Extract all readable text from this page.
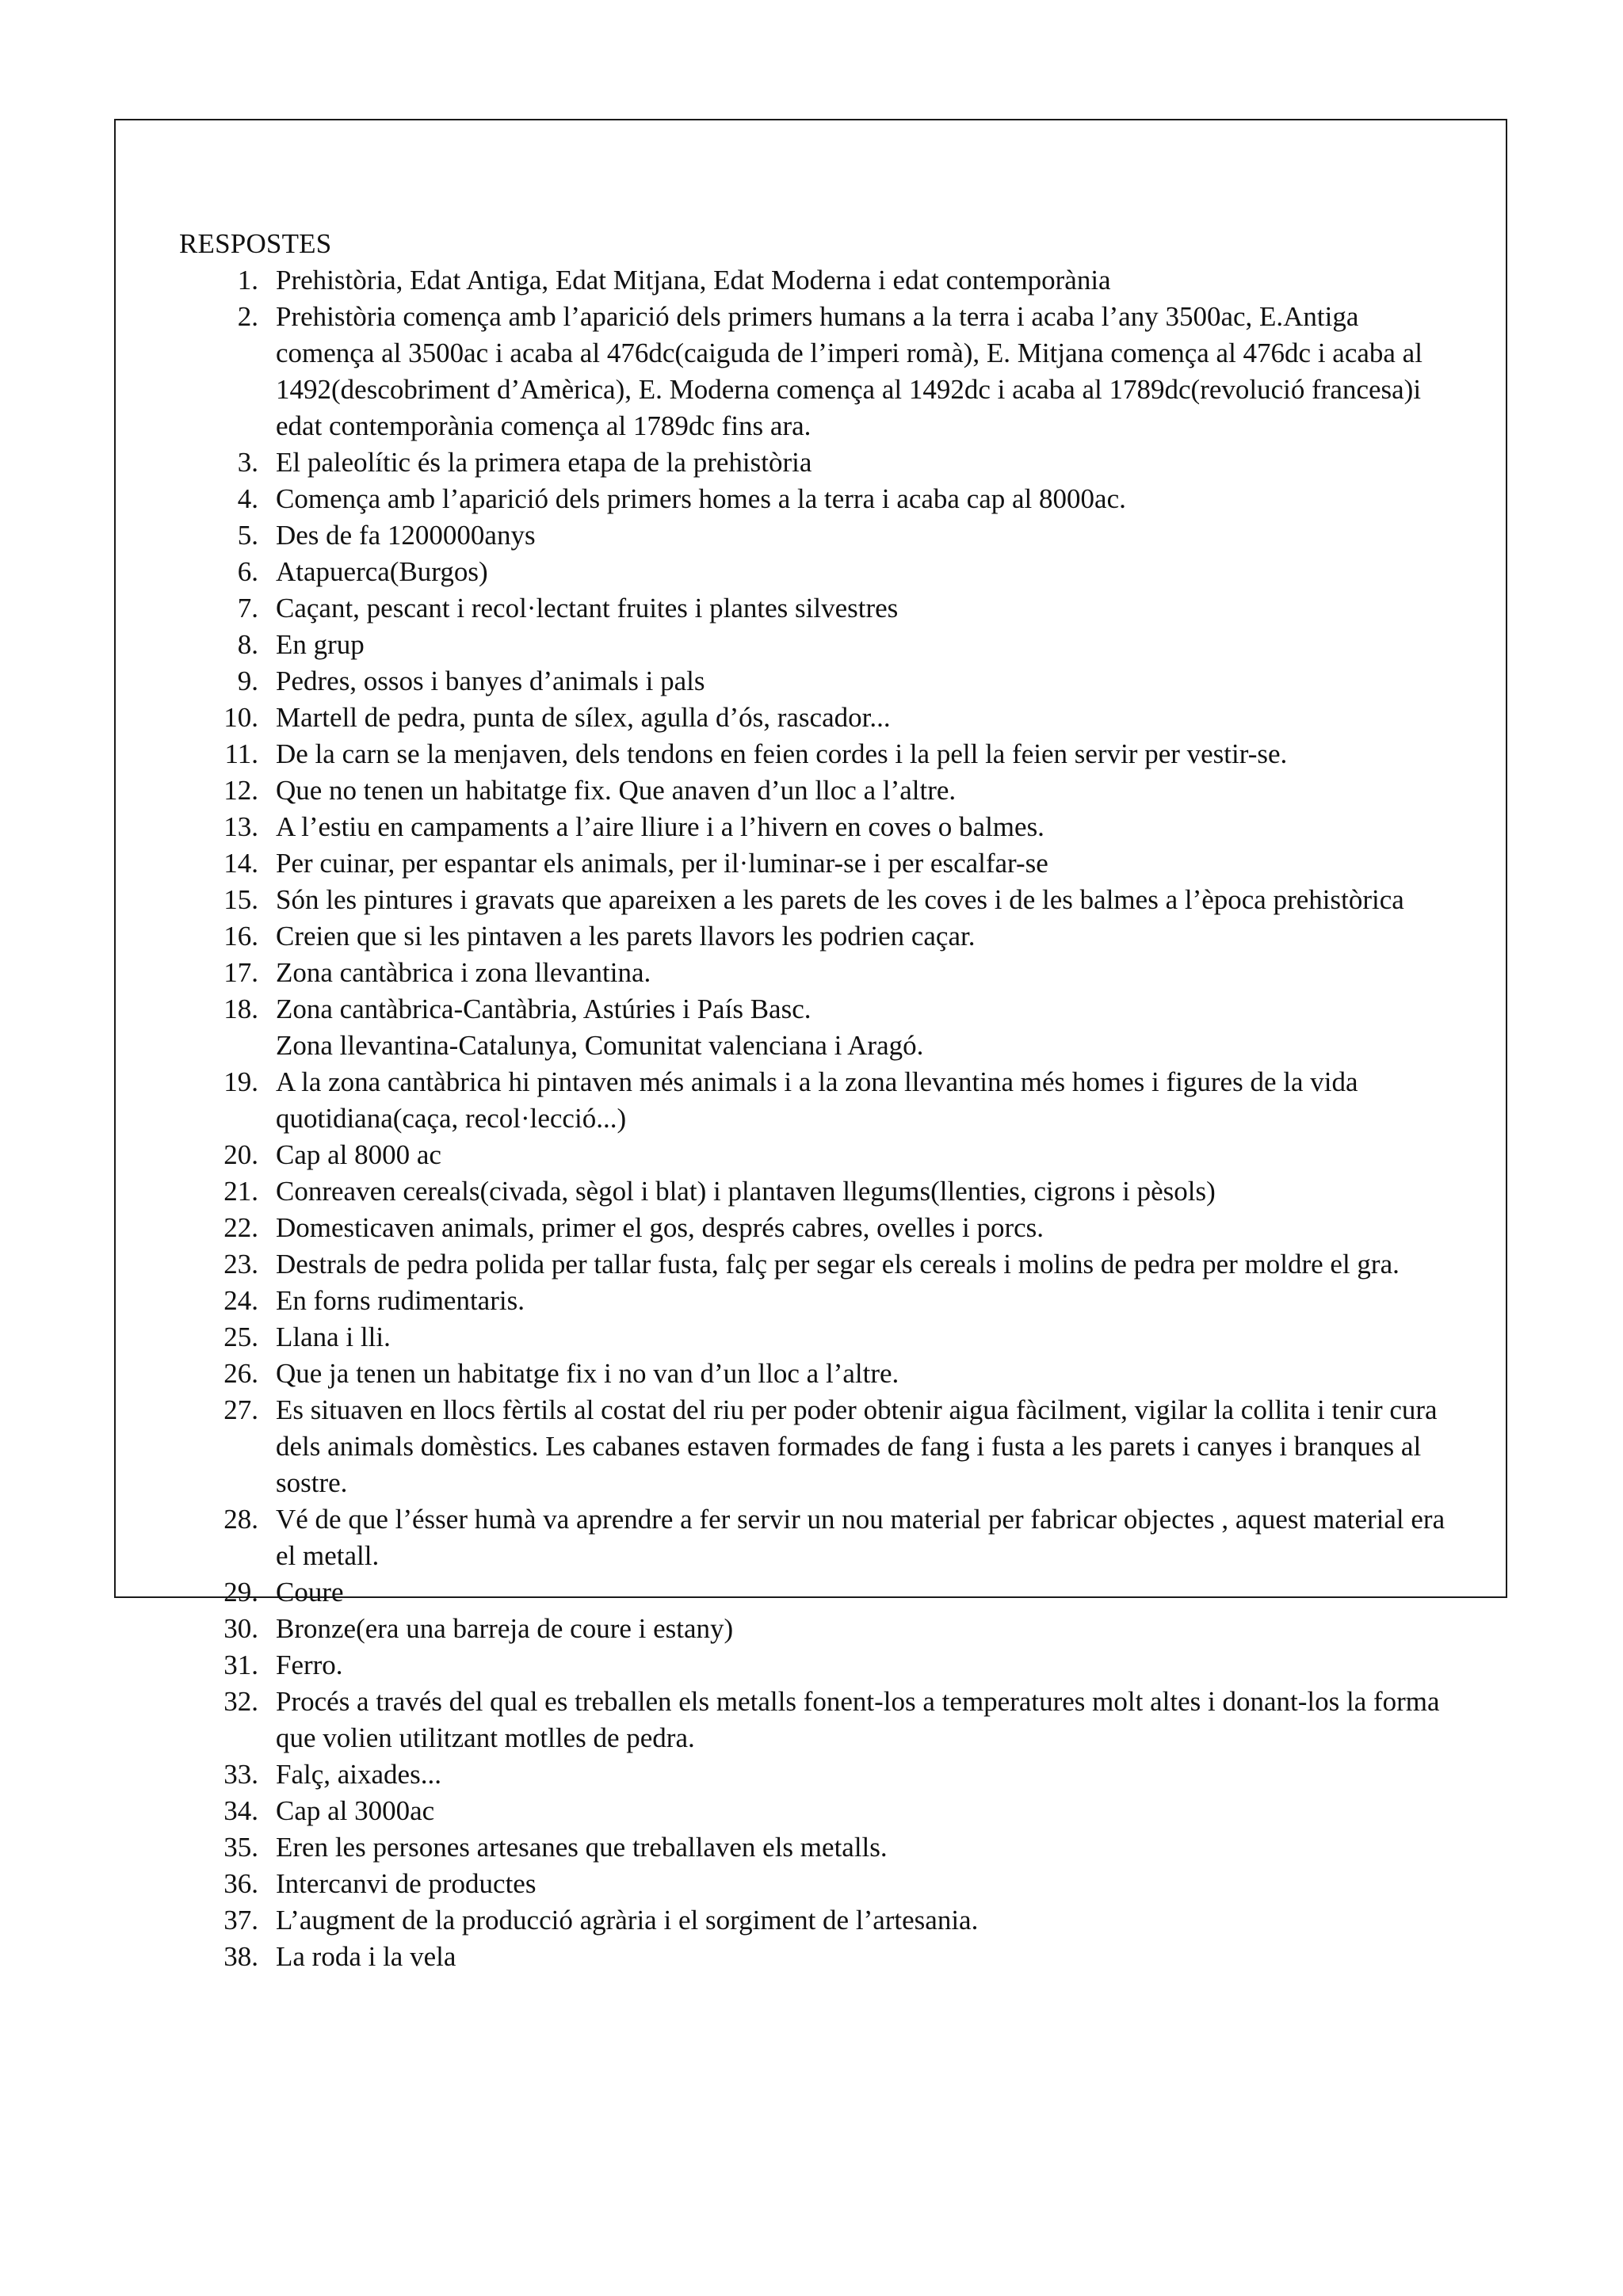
RESPOSTES
1. Prehistòria, Edat Antiga, Edat Mitjana, Edat Moderna i edat contemporània
2. Prehistòria comença amb l’aparició dels primers humans a la terra i acaba l’any 3500ac, E.Antiga comença al 3500ac i acaba al 476dc(caiguda de l’imperi romà), E. Mitjana comença al 476dc i acaba al 1492(descobriment d’Amèrica), E. Moderna comença al 1492dc i acaba al 1789dc(revolució francesa)i edat contemporània comença al 1789dc fins ara.
3. El paleolític és la primera etapa de la prehistòria
4. Comença amb l’aparició dels primers homes a la terra i acaba cap al 8000ac.
5. Des de fa 1200000anys
6. Atapuerca(Burgos)
7. Caçant, pescant i recol·lectant fruites i plantes silvestres
8. En grup
9. Pedres, ossos i banyes d’animals i pals
10. Martell de pedra, punta de sílex, agulla d’ós, rascador...
11. De la carn se la menjaven, dels tendons en feien cordes i la pell la feien servir per vestir-se.
12. Que no tenen un habitatge fix. Que anaven d’un lloc a l’altre.
13. A l’estiu en campaments a l’aire lliure i a l’hivern en coves o balmes.
14. Per cuinar, per espantar els animals, per il·luminar-se i per escalfar-se
15. Són les pintures i gravats que apareixen a les parets de les coves i de les balmes a l’època prehistòrica
16. Creien que si les pintaven a les parets llavors les podrien caçar.
17. Zona cantàbrica i zona llevantina.
18. Zona cantàbrica-Cantàbria, Astúries i País Basc.
Zona llevantina-Catalunya, Comunitat valenciana i Aragó.
19. A la zona cantàbrica hi pintaven més animals i a la zona llevantina més homes i figures de la vida quotidiana(caça, recol·lecció...)
20. Cap al 8000 ac
21. Conreaven cereals(civada, sègol i blat) i plantaven llegums(llenties, cigrons i pèsols)
22. Domesticaven animals, primer el gos, després cabres, ovelles i porcs.
23. Destrals de pedra polida per tallar fusta, falç per segar els cereals i molins de pedra per moldre el gra.
24. En forns rudimentaris.
25. Llana i lli.
26. Que ja tenen un habitatge fix i no van d’un lloc a l’altre.
27. Es situaven en llocs fèrtils al costat del riu per poder obtenir aigua fàcilment, vigilar la collita i tenir cura dels animals domèstics. Les cabanes estaven formades de fang i fusta a les parets i canyes i branques al sostre.
28. Vé de que l’ésser humà va aprendre a fer servir un nou material per fabricar objectes , aquest material era el metall.
29. Coure
30. Bronze(era una barreja de coure i estany)
31. Ferro.
32. Procés a través del qual es treballen els metalls fonent-los a temperatures molt altes i donant-los la forma que volien utilitzant motlles de pedra.
33. Falç, aixades...
34. Cap al 3000ac
35. Eren les persones artesanes que treballaven els metalls.
36. Intercanvi de productes
37. L’augment de la producció agrària i el sorgiment de l’artesania.
38. La roda i la vela
